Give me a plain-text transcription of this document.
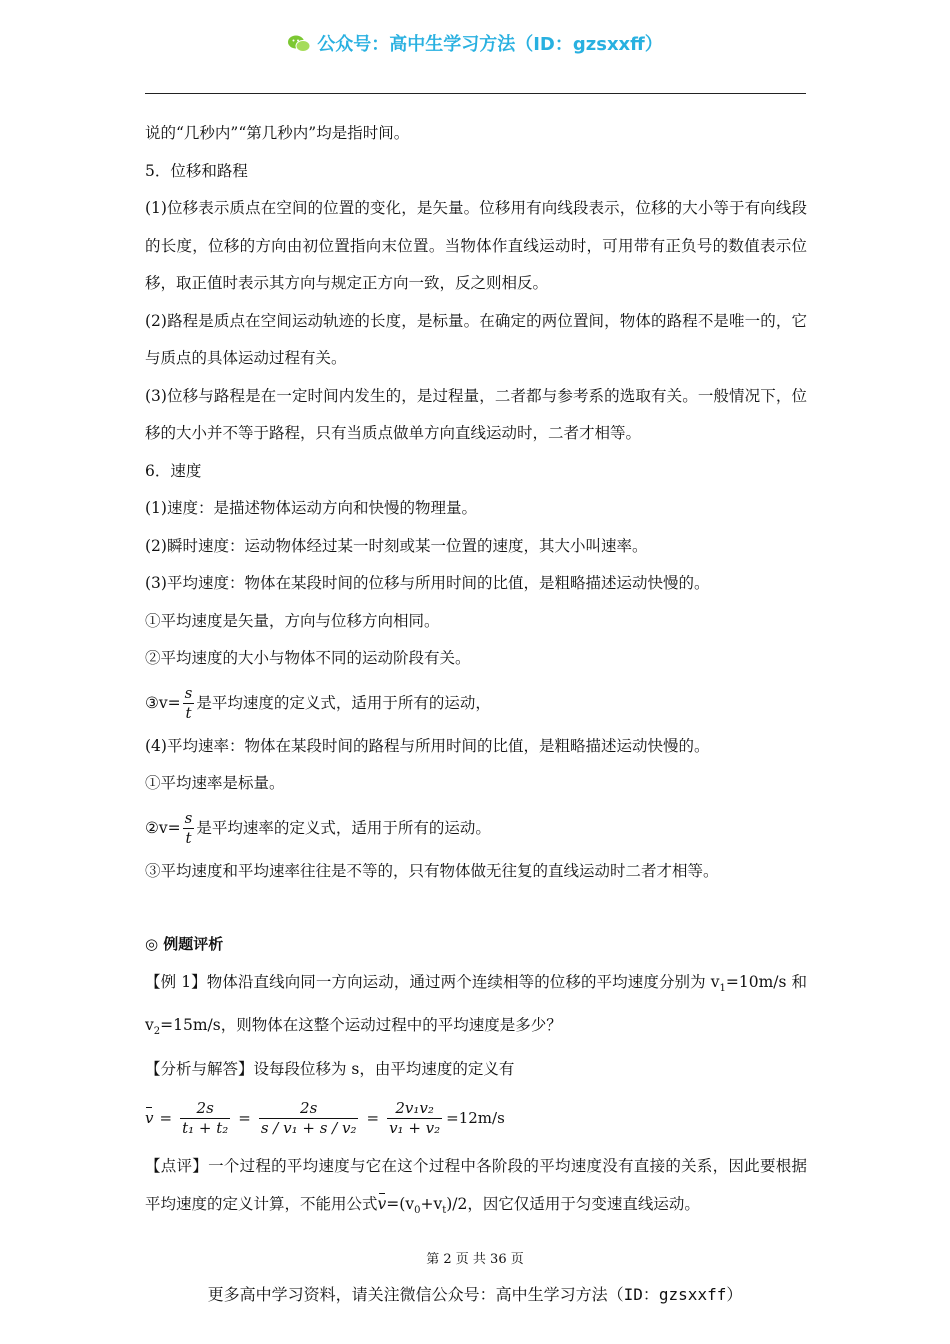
公众号：高中生学习方法（ID：gzsxxff）

说的“几秒内”“第几秒内”均是指时间。

5．位移和路程

(1)位移表示质点在空间的位置的变化，是矢量。位移用有向线段表示，位移的大小等于有向线段的长度，位移的方向由初位置指向末位置。当物体作直线运动时，可用带有正负号的数值表示位移，取正值时表示其方向与规定正方向一致，反之则相反。

(2)路程是质点在空间运动轨迹的长度，是标量。在确定的两位置间，物体的路程不是唯一的，它与质点的具体运动过程有关。

(3)位移与路程是在一定时间内发生的，是过程量，二者都与参考系的选取有关。一般情况下，位移的大小并不等于路程，只有当质点做单方向直线运动时，二者才相等。

6．速度

(1)速度：是描述物体运动方向和快慢的物理量。

(2)瞬时速度：运动物体经过某一时刻或某一位置的速度，其大小叫速率。

(3)平均速度：物体在某段时间的位移与所用时间的比值，是粗略描述运动快慢的。

①平均速度是矢量，方向与位移方向相同。

②平均速度的大小与物体不同的运动阶段有关。

③v= $\frac{s}{t}$ 是平均速度的定义式，适用于所有的运动，

(4)平均速率：物体在某段时间的路程与所用时间的比值，是粗略描述运动快慢的。

①平均速率是标量。

②v= $\frac{s}{t}$ 是平均速率的定义式，适用于所有的运动。

③平均速度和平均速率往往是不等的，只有物体做无往复的直线运动时二者才相等。

◎ 例题评析

【例 1】物体沿直线向同一方向运动，通过两个连续相等的位移的平均速度分别为 $v_1=10m/s$ 和 $v_2=15m/s$，则物体在这整个运动过程中的平均速度是多少？

【分析与解答】设每段位移为 s，由平均速度的定义有

$v = \frac{2s}{\text{t₁ + t₂}} = \frac{2s}{\text{s / v₁ + s / v₂}} = \frac{\text{2v₁v₂}}{\text{v₁ + v₂}} =12m/s$

【点评】一个过程的平均速度与它在这个过程中各阶段的平均速度没有直接的关系，因此要根据平均速度的定义计算，不能用公式$v=(v_0+v_t)/2$，因它仅适用于匀变速直线运动。

第 2 页 共 36 页
更多高中学习资料，请关注微信公众号：高中生学习方法（ID：gzsxxff）
